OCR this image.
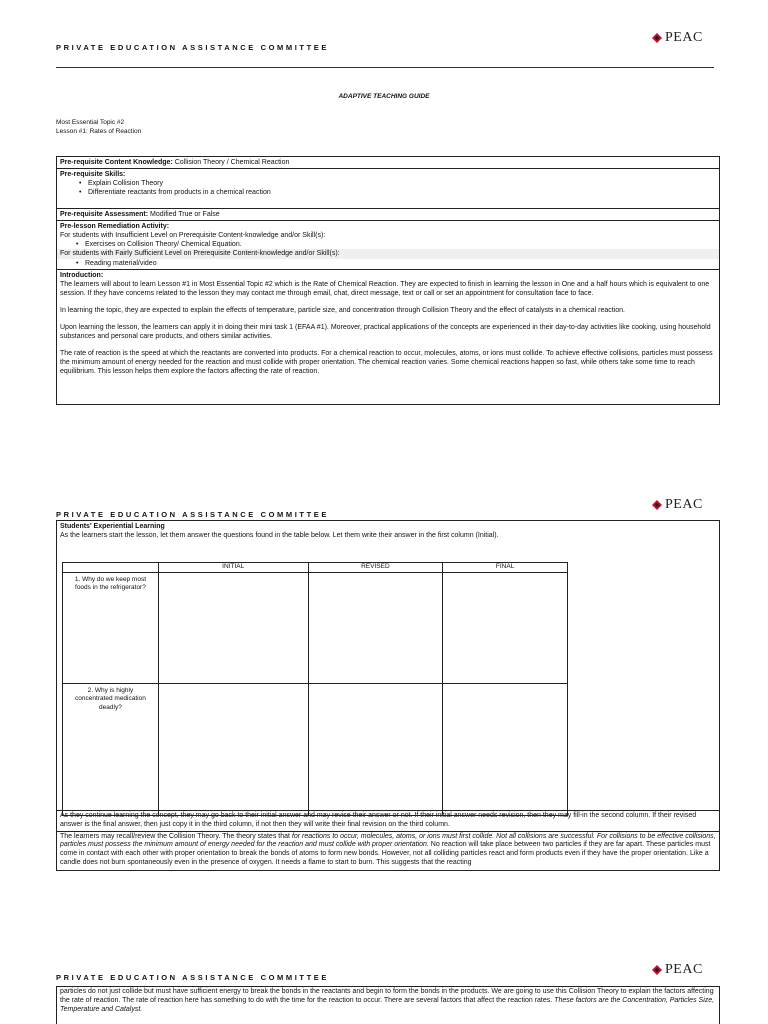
PRIVATE EDUCATION ASSISTANCE COMMITTEE
PEAC
ADAPTIVE TEACHING GUIDE
Most Essential Topic #2
Lesson #1: Rates of Reaction
Pre-requisite Content Knowledge: Collision Theory / Chemical Reaction
Pre-requisite Skills:
• Explain Collision Theory
• Differentiate reactants from products in a chemical reaction
Pre-requisite Assessment: Modified True or False
Pre-lesson Remediation Activity:
For students with Insufficient Level on Prerequisite Content-knowledge and/or Skill(s):
• Exercises on Collision Theory/ Chemical Equation.
For students with Fairly Sufficient Level on Prerequisite Content-knowledge and/or Skill(s):
• Reading material/video
Introduction:

The learners will about to learn Lesson #1 in Most Essential Topic #2 which is the Rate of Chemical Reaction. They are expected to finish in learning the lesson in One and a half hours which is equivalent to one session. If they have concerns related to the lesson they may contact me through email, chat, direct message, text or call or set an appointment for consultation face to face.

In learning the topic, they are expected to explain the effects of temperature, particle size, and concentration through Collision Theory and the effect of catalysts in a chemical reaction.

Upon learning the lesson, the learners can apply it in doing their mini task 1 (EFAA #1). Moreover, practical applications of the concepts are experienced in their day-to-day activities like cooking, using household substances and personal care products, and others similar activities.

The rate of reaction is the speed at which the reactants are converted into products. For a chemical reaction to occur, molecules, atoms, or ions must collide. To achieve effective collisions, particles must possess the minimum amount of energy needed for the reaction and must collide with proper orientation. The chemical reaction varies. Some chemical reactions happen so fast, while others take some time to reach equilibrium. This lesson helps them explore the factors affecting the rate of reaction.

PRIVATE EDUCATION ASSISTANCE COMMITTEE
PEAC
Students' Experiential Learning
As the learners start the lesson, let them answer the questions found in the table below. Let them write their answer in the first column (Initial).
As they continue learning the concept, they may go back to their initial answer and may revise their answer or not. If their initial answer needs revision, then they may fill-in the second column. If their revised answer is the final answer, then just copy it in the third column, if not then they will write their final revision on the third column.
The learners may recall/review the Collision Theory. The theory states that for reactions to occur, molecules, atoms, or ions must first collide. Not all collisions are successful. For collisions to be effective collisions, particles must possess the minimum amount of energy needed for the reaction and must collide with proper orientation. No reaction will take place between two particles if they are far apart. These particles must come in contact with each other with proper orientation to break the bonds of atoms to form new bonds. However, not all colliding particles react and form products even if they have the proper orientation. Like a candle does not burn spontaneously even in the presence of oxygen. It needs a flame to start to burn. This suggests that the reacting
	INITIAL	REVISED	FINAL
1. Why do we keep most foods in the refrigerator?			
2. Why is highly concentrated medication deadly?			
PRIVATE EDUCATION ASSISTANCE COMMITTEE
PEAC
particles do not just collide but must have sufficient energy to break the bonds in the reactants and begin to form the bonds in the products. We are going to use this Collision Theory to explain the factors affecting the rate of reaction. The rate of reaction here has something to do with the time for the reaction to occur. There are several factors that affect the reaction rates. These factors are the Concentration, Particles Size, Temperature and Catalyst.
